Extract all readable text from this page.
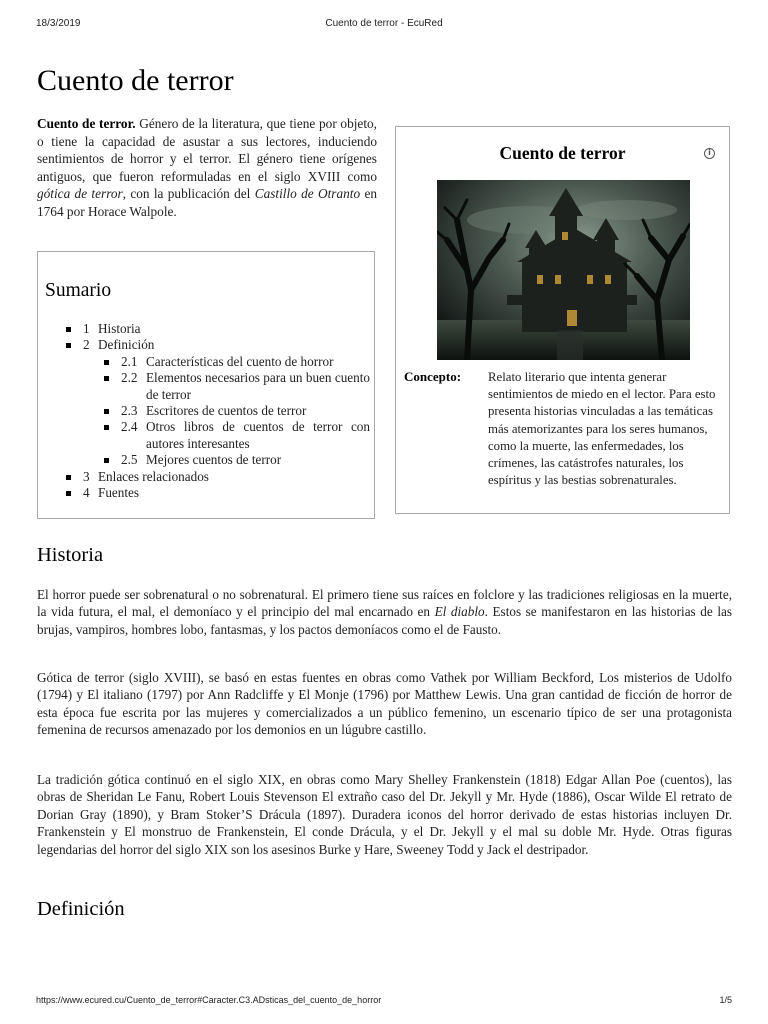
18/3/2019	Cuento de terror - EcuRed
Cuento de terror

Cuento de terror. Género de la literatura, que tiene por objeto, o tiene la capacidad de asustar a sus lectores, induciendo sentimientos de horror y el terror. El género tiene orígenes antiguos, que fueron reformuladas en el siglo XVIII como gótica de terror, con la publicación del Castillo de Otranto en 1764 por Horace Walpole.

Sumario
1 Historia
2 Definición
2.1 Características del cuento de horror
2.2 Elementos necesarios para un buen cuento de terror
2.3 Escritores de cuentos de terror
2.4 Otros libros de cuentos de terror con autores interesantes
2.5 Mejores cuentos de terror
3 Enlaces relacionados
4 Fuentes
Cuento de terror	i
Concepto: Relato literario que intenta generar sentimientos de miedo en el lector. Para esto presenta historias vinculadas a las temáticas más atemorizantes para los seres humanos, como la muerte, las enfermedades, los crímenes, las catástrofes naturales, los espíritus y las bestias sobrenaturales.
Historia

El horror puede ser sobrenatural o no sobrenatural. El primero tiene sus raíces en folclore y las tradiciones religiosas en la muerte, la vida futura, el mal, el demoníaco y el principio del mal encarnado en El diablo. Estos se manifestaron en las historias de las brujas, vampiros, hombres lobo, fantasmas, y los pactos demoníacos como el de Fausto.

Gótica de terror (siglo XVIII), se basó en estas fuentes en obras como Vathek por William Beckford, Los misterios de Udolfo (1794) y El italiano (1797) por Ann Radcliffe y El Monje (1796) por Matthew Lewis. Una gran cantidad de ficción de horror de esta época fue escrita por las mujeres y comercializados a un público femenino, un escenario típico de ser una protagonista femenina de recursos amenazado por los demonios en un lúgubre castillo.

La tradición gótica continuó en el siglo XIX, en obras como Mary Shelley Frankenstein (1818) Edgar Allan Poe (cuentos), las obras de Sheridan Le Fanu, Robert Louis Stevenson El extraño caso del Dr. Jekyll y Mr. Hyde (1886), Oscar Wilde El retrato de Dorian Gray (1890), y Bram Stoker’S Drácula (1897). Duradera iconos del horror derivado de estas historias incluyen Dr. Frankenstein y El monstruo de Frankenstein, El conde Drácula, y el Dr. Jekyll y el mal su doble Mr. Hyde. Otras figuras legendarias del horror del siglo XIX son los asesinos Burke y Hare, Sweeney Todd y Jack el destripador.

Definición
https://www.ecured.cu/Cuento_de_terror#Caracter.C3.ADsticas_del_cuento_de_horror	1/5
